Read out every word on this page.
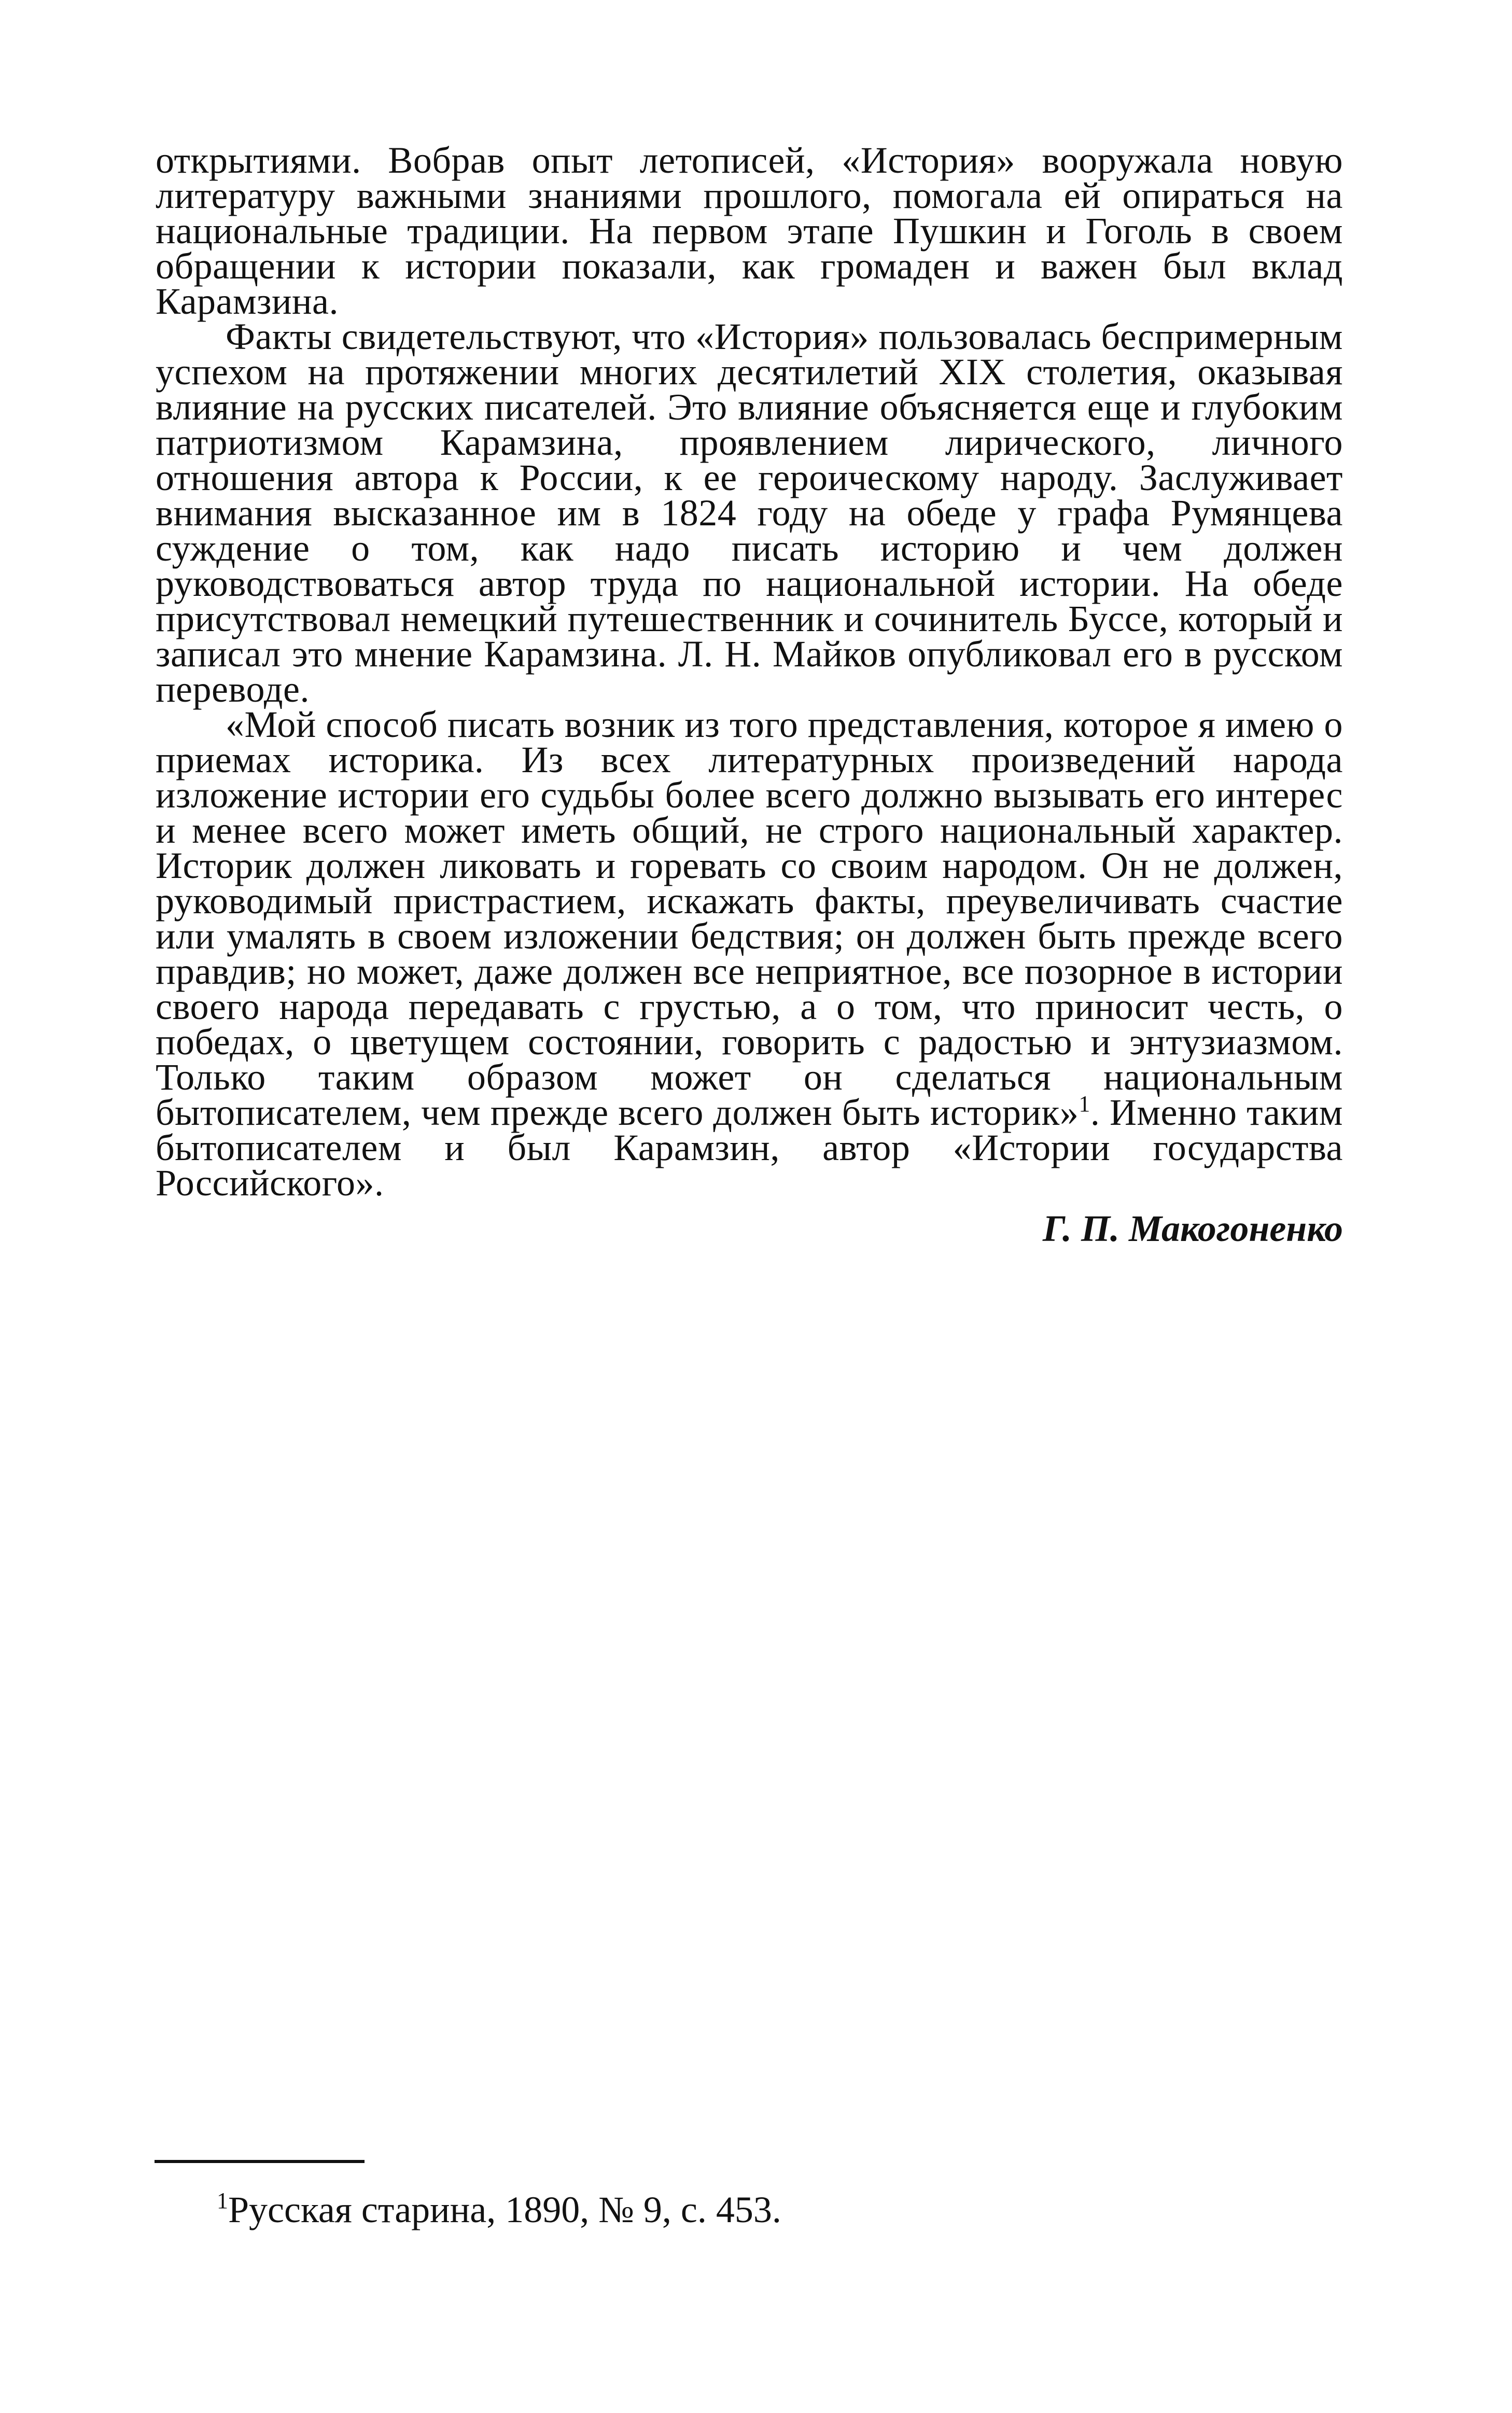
открытиями. Вобрав опыт летописей, «История» вооружала новую литературу важными знаниями прошлого, помогала ей опираться на национальные традиции. На первом этапе Пушкин и Гоголь в своем обращении к истории показали, как громаден и важен был вклад Карамзина.

Факты свидетельствуют, что «История» пользовалась беспримерным успехом на протяжении многих десятилетий XIX столетия, оказывая влияние на русских писателей. Это влияние объясняется еще и глубоким патриотизмом Карамзина, проявлением лирического, личного отношения автора к России, к ее героическому народу. Заслуживает внимания высказанное им в 1824 году на обеде у графа Румянцева суждение о том, как надо писать историю и чем должен руководствоваться автор труда по национальной истории. На обеде присутствовал немецкий путешественник и сочинитель Буссе, который и записал это мнение Карамзина. Л. Н. Майков опубликовал его в русском переводе.

«Мой способ писать возник из того представления, которое я имею о приемах историка. Из всех литературных произведений народа изложение истории его судьбы более всего должно вызывать его интерес и менее всего может иметь общий, не строго национальный характер. Историк должен ликовать и горевать со своим народом. Он не должен, руководимый пристрастием, искажать факты, преувеличивать счастие или умалять в своем изложении бедствия; он должен быть прежде всего правдив; но может, даже должен все неприятное, все позорное в истории своего народа передавать с грустью, а о том, что приносит честь, о победах, о цветущем состоянии, говорить с радостью и энтузиазмом. Только таким образом может он сделаться национальным бытописателем, чем прежде всего должен быть историк»$^1$. Именно таким бытописателем и был Карамзин, автор «Истории государства Российского».

Г. П. Макогоненко
1 Русская старина, 1890, № 9, с. 453.
